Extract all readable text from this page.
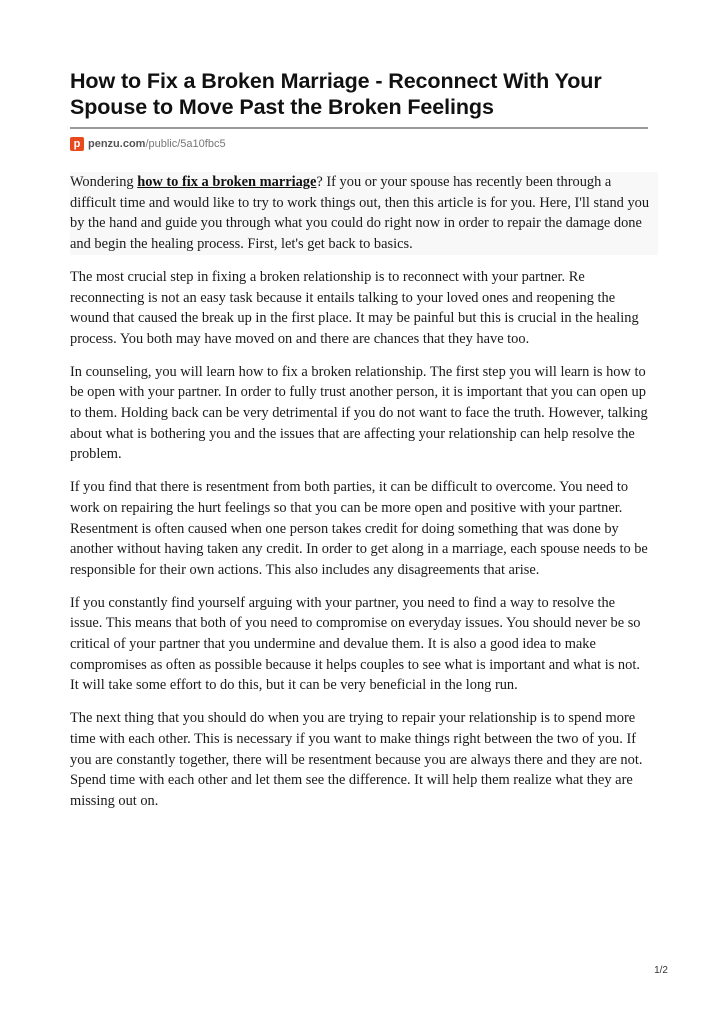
How to Fix a Broken Marriage - Reconnect With Your Spouse to Move Past the Broken Feelings
p penzu.com/public/5a10fbc5

Wondering how to fix a broken marriage? If you or your spouse has recently been through a difficult time and would like to try to work things out, then this article is for you. Here, I'll stand you by the hand and guide you through what you could do right now in order to repair the damage done and begin the healing process. First, let's get back to basics.

The most crucial step in fixing a broken relationship is to reconnect with your partner. Re reconnecting is not an easy task because it entails talking to your loved ones and reopening the wound that caused the break up in the first place. It may be painful but this is crucial in the healing process. You both may have moved on and there are chances that they have too.

In counseling, you will learn how to fix a broken relationship. The first step you will learn is how to be open with your partner. In order to fully trust another person, it is important that you can open up to them. Holding back can be very detrimental if you do not want to face the truth. However, talking about what is bothering you and the issues that are affecting your relationship can help resolve the problem.

If you find that there is resentment from both parties, it can be difficult to overcome. You need to work on repairing the hurt feelings so that you can be more open and positive with your partner. Resentment is often caused when one person takes credit for doing something that was done by another without having taken any credit. In order to get along in a marriage, each spouse needs to be responsible for their own actions. This also includes any disagreements that arise.

If you constantly find yourself arguing with your partner, you need to find a way to resolve the issue. This means that both of you need to compromise on everyday issues. You should never be so critical of your partner that you undermine and devalue them. It is also a good idea to make compromises as often as possible because it helps couples to see what is important and what is not. It will take some effort to do this, but it can be very beneficial in the long run.

The next thing that you should do when you are trying to repair your relationship is to spend more time with each other. This is necessary if you want to make things right between the two of you. If you are constantly together, there will be resentment because you are always there and they are not. Spend time with each other and let them see the difference. It will help them realize what they are missing out on.

1/2
